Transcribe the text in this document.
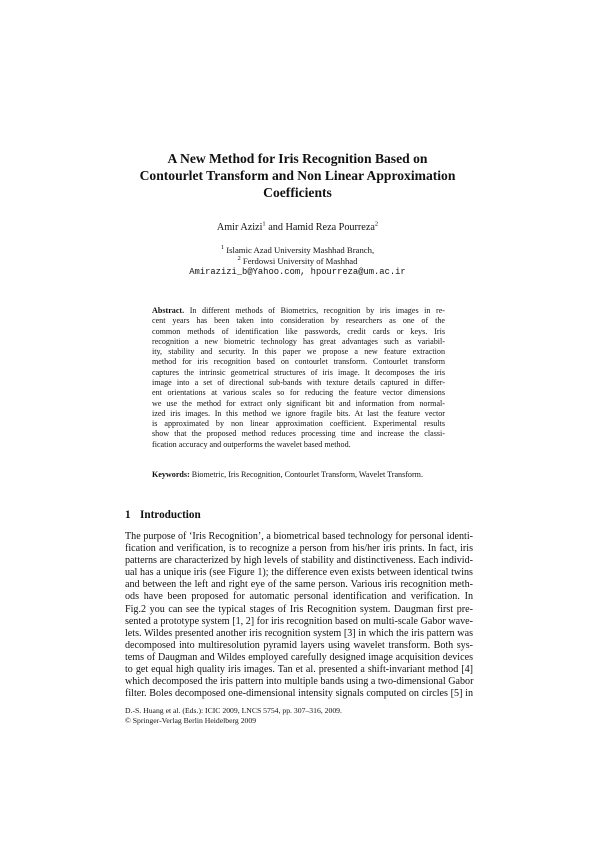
A New Method for Iris Recognition Based on
Contourlet Transform and Non Linear Approximation
Coefficients
Amir Azizi$^1$ and Hamid Reza Pourreza$^2$
$^1$ Islamic Azad University Mashhad Branch,
$^2$ Ferdowsi University of Mashhad
Amirazizi_b@Yahoo.com, hpourreza@um.ac.ir
Abstract. In different methods of Biometrics, recognition by iris images in re-
cent years has been taken into consideration by researchers as one of the
common methods of identification like passwords, credit cards or keys. Iris
recognition a new biometric technology has great advantages such as variabil-
ity, stability and security. In this paper we propose a new feature extraction
method for iris recognition based on contourlet transform. Contourlet transform
captures the intrinsic geometrical structures of iris image. It decomposes the iris
image into a set of directional sub-bands with texture details captured in differ-
ent orientations at various scales so for reducing the feature vector dimensions
we use the method for extract only significant bit and information from normal-
ized iris images. In this method we ignore fragile bits. At last the feature vector
is approximated by non linear approximation coefficient. Experimental results
show that the proposed method reduces processing time and increase the classi-
fication accuracy and outperforms the wavelet based method.
Keywords: Biometric, Iris Recognition, Contourlet Transform, Wavelet Transform.
1 Introduction
The purpose of ‘Iris Recognition’, a biometrical based technology for personal identi-
fication and verification, is to recognize a person from his/her iris prints. In fact, iris
patterns are characterized by high levels of stability and distinctiveness. Each individ-
ual has a unique iris (see Figure 1); the difference even exists between identical twins
and between the left and right eye of the same person. Various iris recognition meth-
ods have been proposed for automatic personal identification and verification. In
Fig.2 you can see the typical stages of Iris Recognition system. Daugman first pre-
sented a prototype system [1, 2] for iris recognition based on multi-scale Gabor wave-
lets. Wildes presented another iris recognition system [3] in which the iris pattern was
decomposed into multiresolution pyramid layers using wavelet transform. Both sys-
tems of Daugman and Wildes employed carefully designed image acquisition devices
to get equal high quality iris images. Tan et al. presented a shift-invariant method [4]
which decomposed the iris pattern into multiple bands using a two-dimensional Gabor
filter. Boles decomposed one-dimensional intensity signals computed on circles [5] in
D.-S. Huang et al. (Eds.): ICIC 2009, LNCS 5754, pp. 307–316, 2009.
© Springer-Verlag Berlin Heidelberg 2009
